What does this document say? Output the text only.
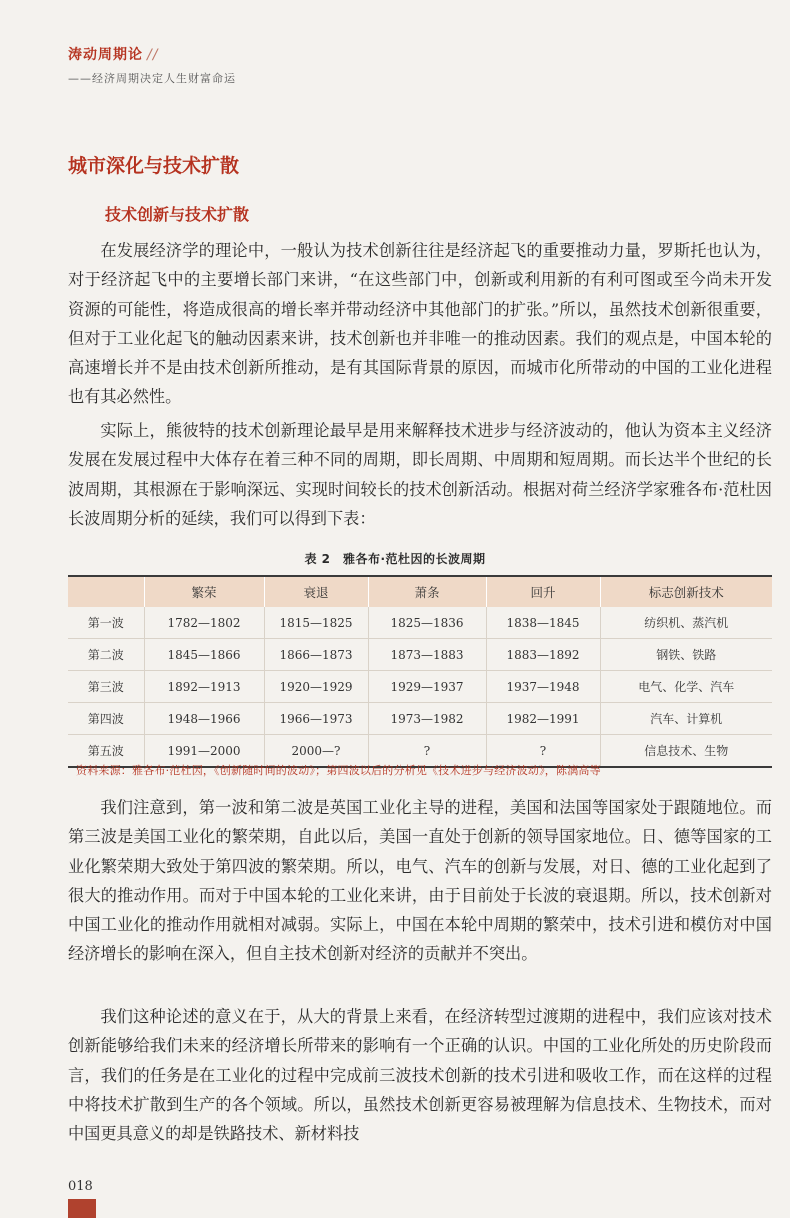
涛动周期论 //
——经济周期决定人生财富命运
城市深化与技术扩散
技术创新与技术扩散

在发展经济学的理论中，一般认为技术创新往往是经济起飞的重要推动力量，罗斯托也认为，对于经济起飞中的主要增长部门来讲，“在这些部门中，创新或利用新的有利可图或至今尚未开发资源的可能性，将造成很高的增长率并带动经济中其他部门的扩张。”所以，虽然技术创新很重要，但对于工业化起飞的触动因素来讲，技术创新也并非唯一的推动因素。我们的观点是，中国本轮的高速增长并不是由技术创新所推动，是有其国际背景的原因，而城市化所带动的中国的工业化进程也有其必然性。

实际上，熊彼特的技术创新理论最早是用来解释技术进步与经济波动的，他认为资本主义经济发展在发展过程中大体存在着三种不同的周期，即长周期、中周期和短周期。而长达半个世纪的长波周期，其根源在于影响深远、实现时间较长的技术创新活动。根据对荷兰经济学家雅各布·范杜因长波周期分析的延续，我们可以得到下表：

表 2　雅各布·范杜因的长波周期
	繁荣	衰退	萧条	回升	标志创新技术
第一波	1782—1802	1815—1825	1825—1836	1838—1845	纺织机、蒸汽机
第二波	1845—1866	1866—1873	1873—1883	1883—1892	钢铁、铁路
第三波	1892—1913	1920—1929	1929—1937	1937—1948	电气、化学、汽车
第四波	1948—1966	1966—1973	1973—1982	1982—1991	汽车、计算机
第五波	1991—2000	2000—?	?	?	信息技术、生物
资料来源：雅各布·范杜因，《创新随时间的波动》；第四波以后的分析见《技术进步与经济波动》，陈漓高等

我们注意到，第一波和第二波是英国工业化主导的进程，美国和法国等国家处于跟随地位。而第三波是美国工业化的繁荣期，自此以后，美国一直处于创新的领导国家地位。日、德等国家的工业化繁荣期大致处于第四波的繁荣期。所以，电气、汽车的创新与发展，对日、德的工业化起到了很大的推动作用。而对于中国本轮的工业化来讲，由于目前处于长波的衰退期。所以，技术创新对中国工业化的推动作用就相对减弱。实际上，中国在本轮中周期的繁荣中，技术引进和模仿对中国经济增长的影响在深入，但自主技术创新对经济的贡献并不突出。

我们这种论述的意义在于，从大的背景上来看，在经济转型过渡期的进程中，我们应该对技术创新能够给我们未来的经济增长所带来的影响有一个正确的认识。中国的工业化所处的历史阶段而言，我们的任务是在工业化的过程中完成前三波技术创新的技术引进和吸收工作，而在这样的过程中将技术扩散到生产的各个领域。所以，虽然技术创新更容易被理解为信息技术、生物技术，而对中国更具意义的却是铁路技术、新材料技

018
